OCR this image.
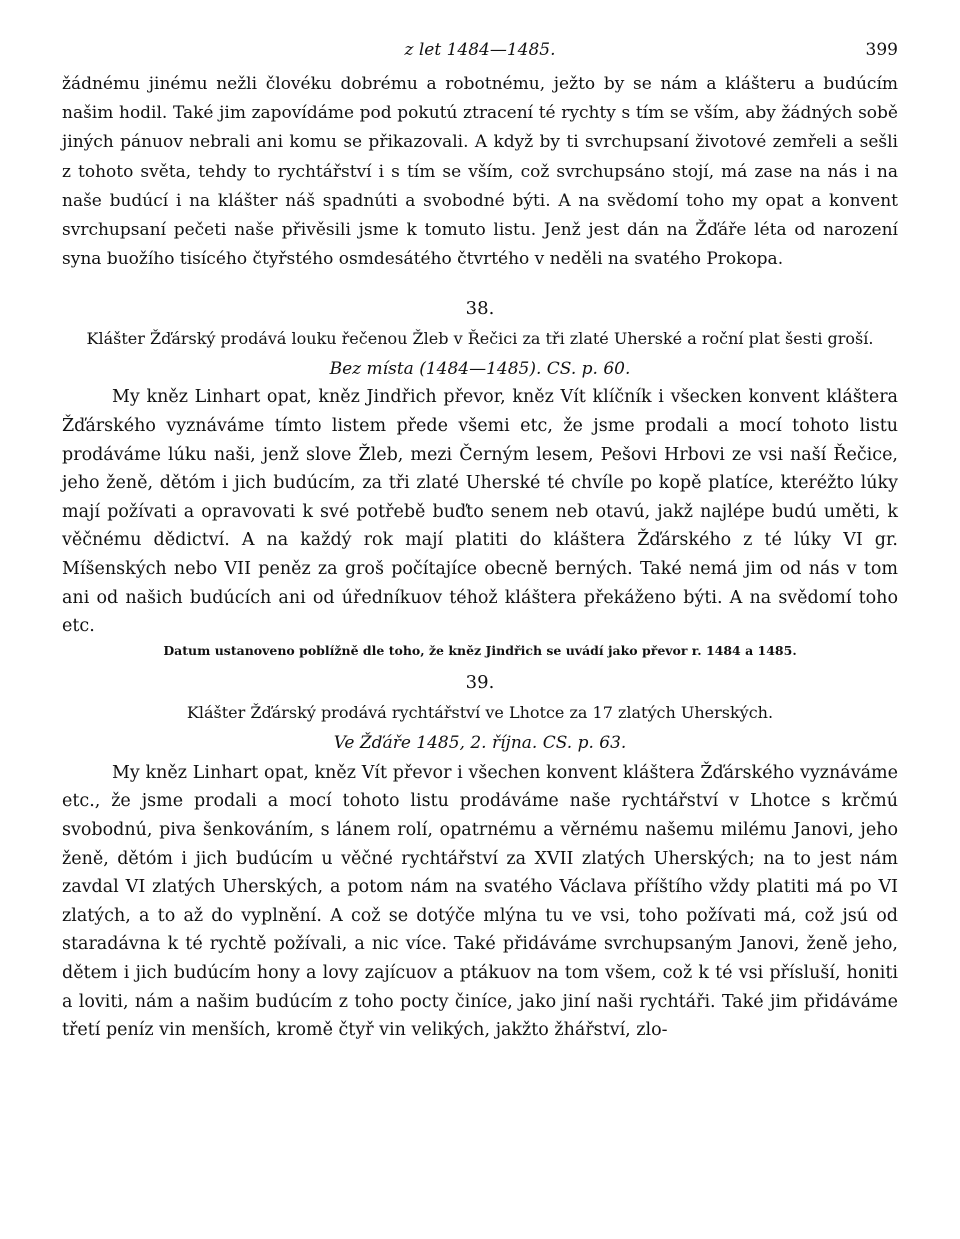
z let 1484—1485.	399

žádnému jinému nežli človéku dobrému a robotnému, ježto by se nám a klášteru a budúcím našim hodil. Také jim zapovídáme pod pokutú ztracení té rychty s tím se vším, aby žádných sobě jiných pánuov nebrali ani komu se přikazovali. A když by ti svrchupsaní životové zemřeli a sešli z tohoto světa, tehdy to rychtářství i s tím se vším, což svrchupsáno stojí, má zase na nás i na naše budúcí i na klášter náš spadnúti a svobodné býti. A na svědomí toho my opat a konvent svrchupsaní pečeti naše přivěsili jsme k tomuto listu. Jenž jest dán na Žďáře léta od narození syna buožího tisícého čtyřstého osmdesátého čtvrtého v neděli na svatého Prokopa.

38.

Klášter Žďárský prodává louku řečenou Žleb v Řečici za tři zlaté Uherské a roční plat šesti groší.

Bez místa (1484—1485). CS. p. 60.

My kněz Linhart opat, kněz Jindřich převor, kněz Vít klíčník i všecken konvent kláštera Žďárského vyznáváme tímto listem přede všemi etc, že jsme prodali a mocí tohoto listu prodáváme lúku naši, jenž slove Žleb, mezi Černým lesem, Pešovi Hrbovi ze vsi naší Řečice, jeho ženě, dětóm i jich budúcím, za tři zlaté Uherské té chvíle po kopě platíce, kteréžto lúky mají požívati a opravovati k své potřebě buďto senem neb otavú, jakž najlépe budú uměti, k věčnému dědictví. A na každý rok mají platiti do kláštera Žďárského z té lúky VI gr. Míšenských nebo VII peněz za groš počítajíce obecně berných. Také nemá jim od nás v tom ani od našich budúcích ani od úředníkuov téhož kláštera překáženo býti. A na svědomí toho etc.

Datum ustanoveno poblížně dle toho, že kněz Jindřich se uvádí jako převor r. 1484 a 1485.

39.

Klášter Žďárský prodává rychtářství ve Lhotce za 17 zlatých Uherských.

Ve Žďáře 1485, 2. října. CS. p. 63.

My kněz Linhart opat, kněz Vít převor i všechen konvent kláštera Žďárského vyznáváme etc., že jsme prodali a mocí tohoto listu prodáváme naše rychtářství v Lhotce s krčmú svobodnú, piva šenkováním, s lánem rolí, opatrnému a věrnému našemu milému Janovi, jeho ženě, dětóm i jich budúcím u věčné rychtářství za XVII zlatých Uherských; na to jest nám zavdal VI zlatých Uherských, a potom nám na svatého Václava příštího vždy platiti má po VI zlatých, a to až do vyplnění. A což se dotýče mlýna tu ve vsi, toho požívati má, což jsú od staradávna k té rychtě požívali, a nic více. Také přidáváme svrchupsaným Janovi, ženě jeho, dětem i jich budúcím hony a lovy zajícuov a ptákuov na tom všem, což k té vsi přísluší, honiti a loviti, nám a našim budúcím z toho pocty činíce, jako jiní naši rychtáři. Také jim přidáváme třetí peníz vin menších, kromě čtyř vin velikých, jakžto žhářství, zlo-
